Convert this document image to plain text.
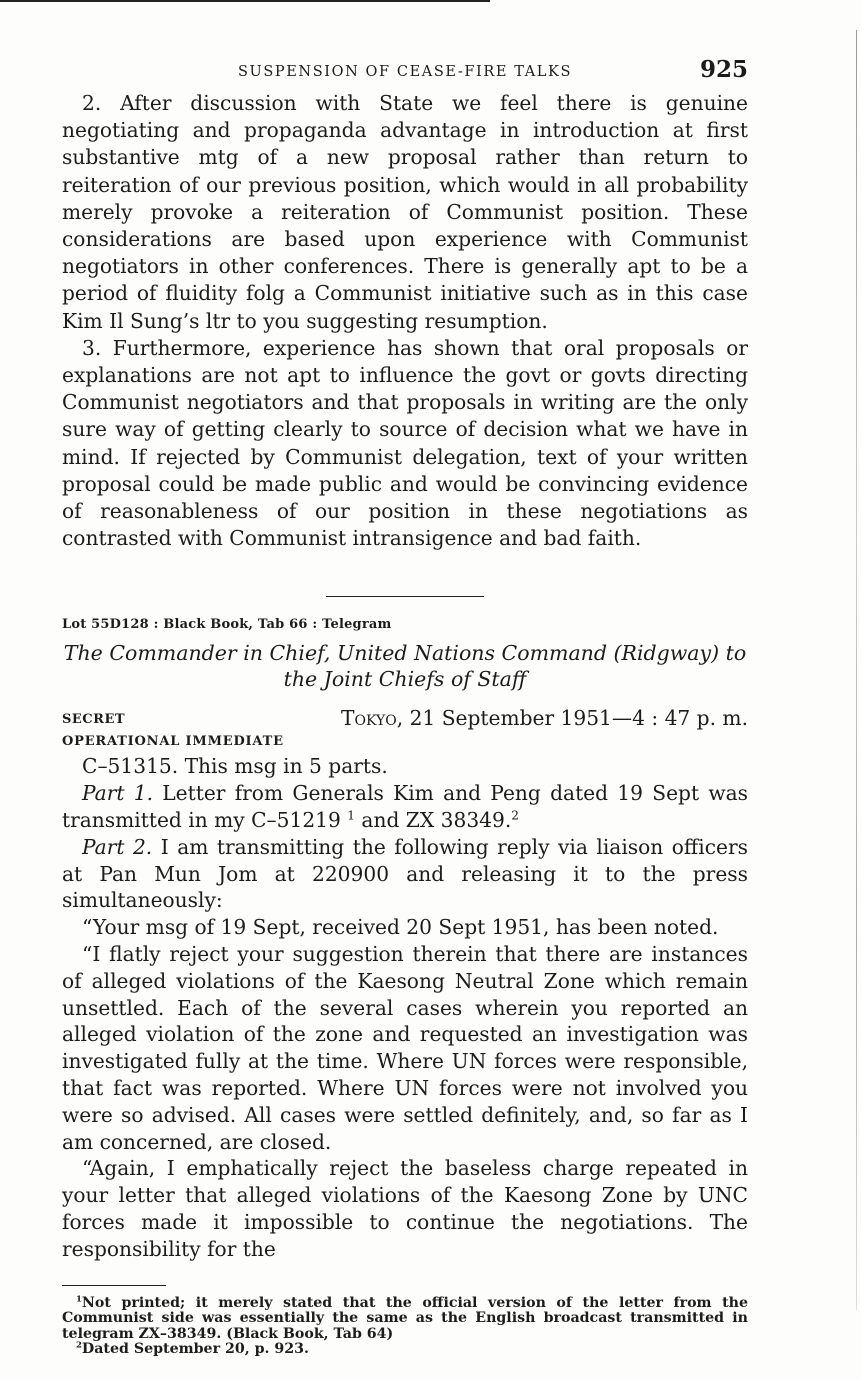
SUSPENSION OF CEASE-FIRE TALKS	925

2. After discussion with State we feel there is genuine negotiating and propaganda advantage in introduction at first substantive mtg of a new proposal rather than return to reiteration of our previous position, which would in all probability merely provoke a reiteration of Communist position. These considerations are based upon experience with Communist negotiators in other conferences. There is generally apt to be a period of fluidity folg a Communist initiative such as in this case Kim Il Sung’s ltr to you suggesting resumption.

3. Furthermore, experience has shown that oral proposals or explanations are not apt to influence the govt or govts directing Communist negotiators and that proposals in writing are the only sure way of getting clearly to source of decision what we have in mind. If rejected by Communist delegation, text of your written proposal could be made public and would be convincing evidence of reasonableness of our position in these negotiations as contrasted with Communist intransigence and bad faith.

Lot 55D128 : Black Book, Tab 66 : Telegram
The Commander in Chief, United Nations Command (Ridgway) to
the Joint Chiefs of Staff
SECRET	Tokyo, 21 September 1951—4 : 47 p. m.
OPERATIONAL IMMEDIATE

C–51315. This msg in 5 parts.

Part 1. Letter from Generals Kim and Peng dated 19 Sept was transmitted in my C–51219 $^1$ and ZX 38349.$^2$

Part 2. I am transmitting the following reply via liaison officers at Pan Mun Jom at 220900 and releasing it to the press simultaneously:

“Your msg of 19 Sept, received 20 Sept 1951, has been noted.

“I flatly reject your suggestion therein that there are instances of alleged violations of the Kaesong Neutral Zone which remain unsettled. Each of the several cases wherein you reported an alleged violation of the zone and requested an investigation was investigated fully at the time. Where UN forces were responsible, that fact was reported. Where UN forces were not involved you were so advised. All cases were settled definitely, and, so far as I am concerned, are closed.

“Again, I emphatically reject the baseless charge repeated in your letter that alleged violations of the Kaesong Zone by UNC forces made it impossible to continue the negotiations. The responsibility for the

$^1$Not printed; it merely stated that the official version of the letter from the Communist side was essentially the same as the English broadcast transmitted in telegram ZX–38349. (Black Book, Tab 64)

$^2$Dated September 20, p. 923.
